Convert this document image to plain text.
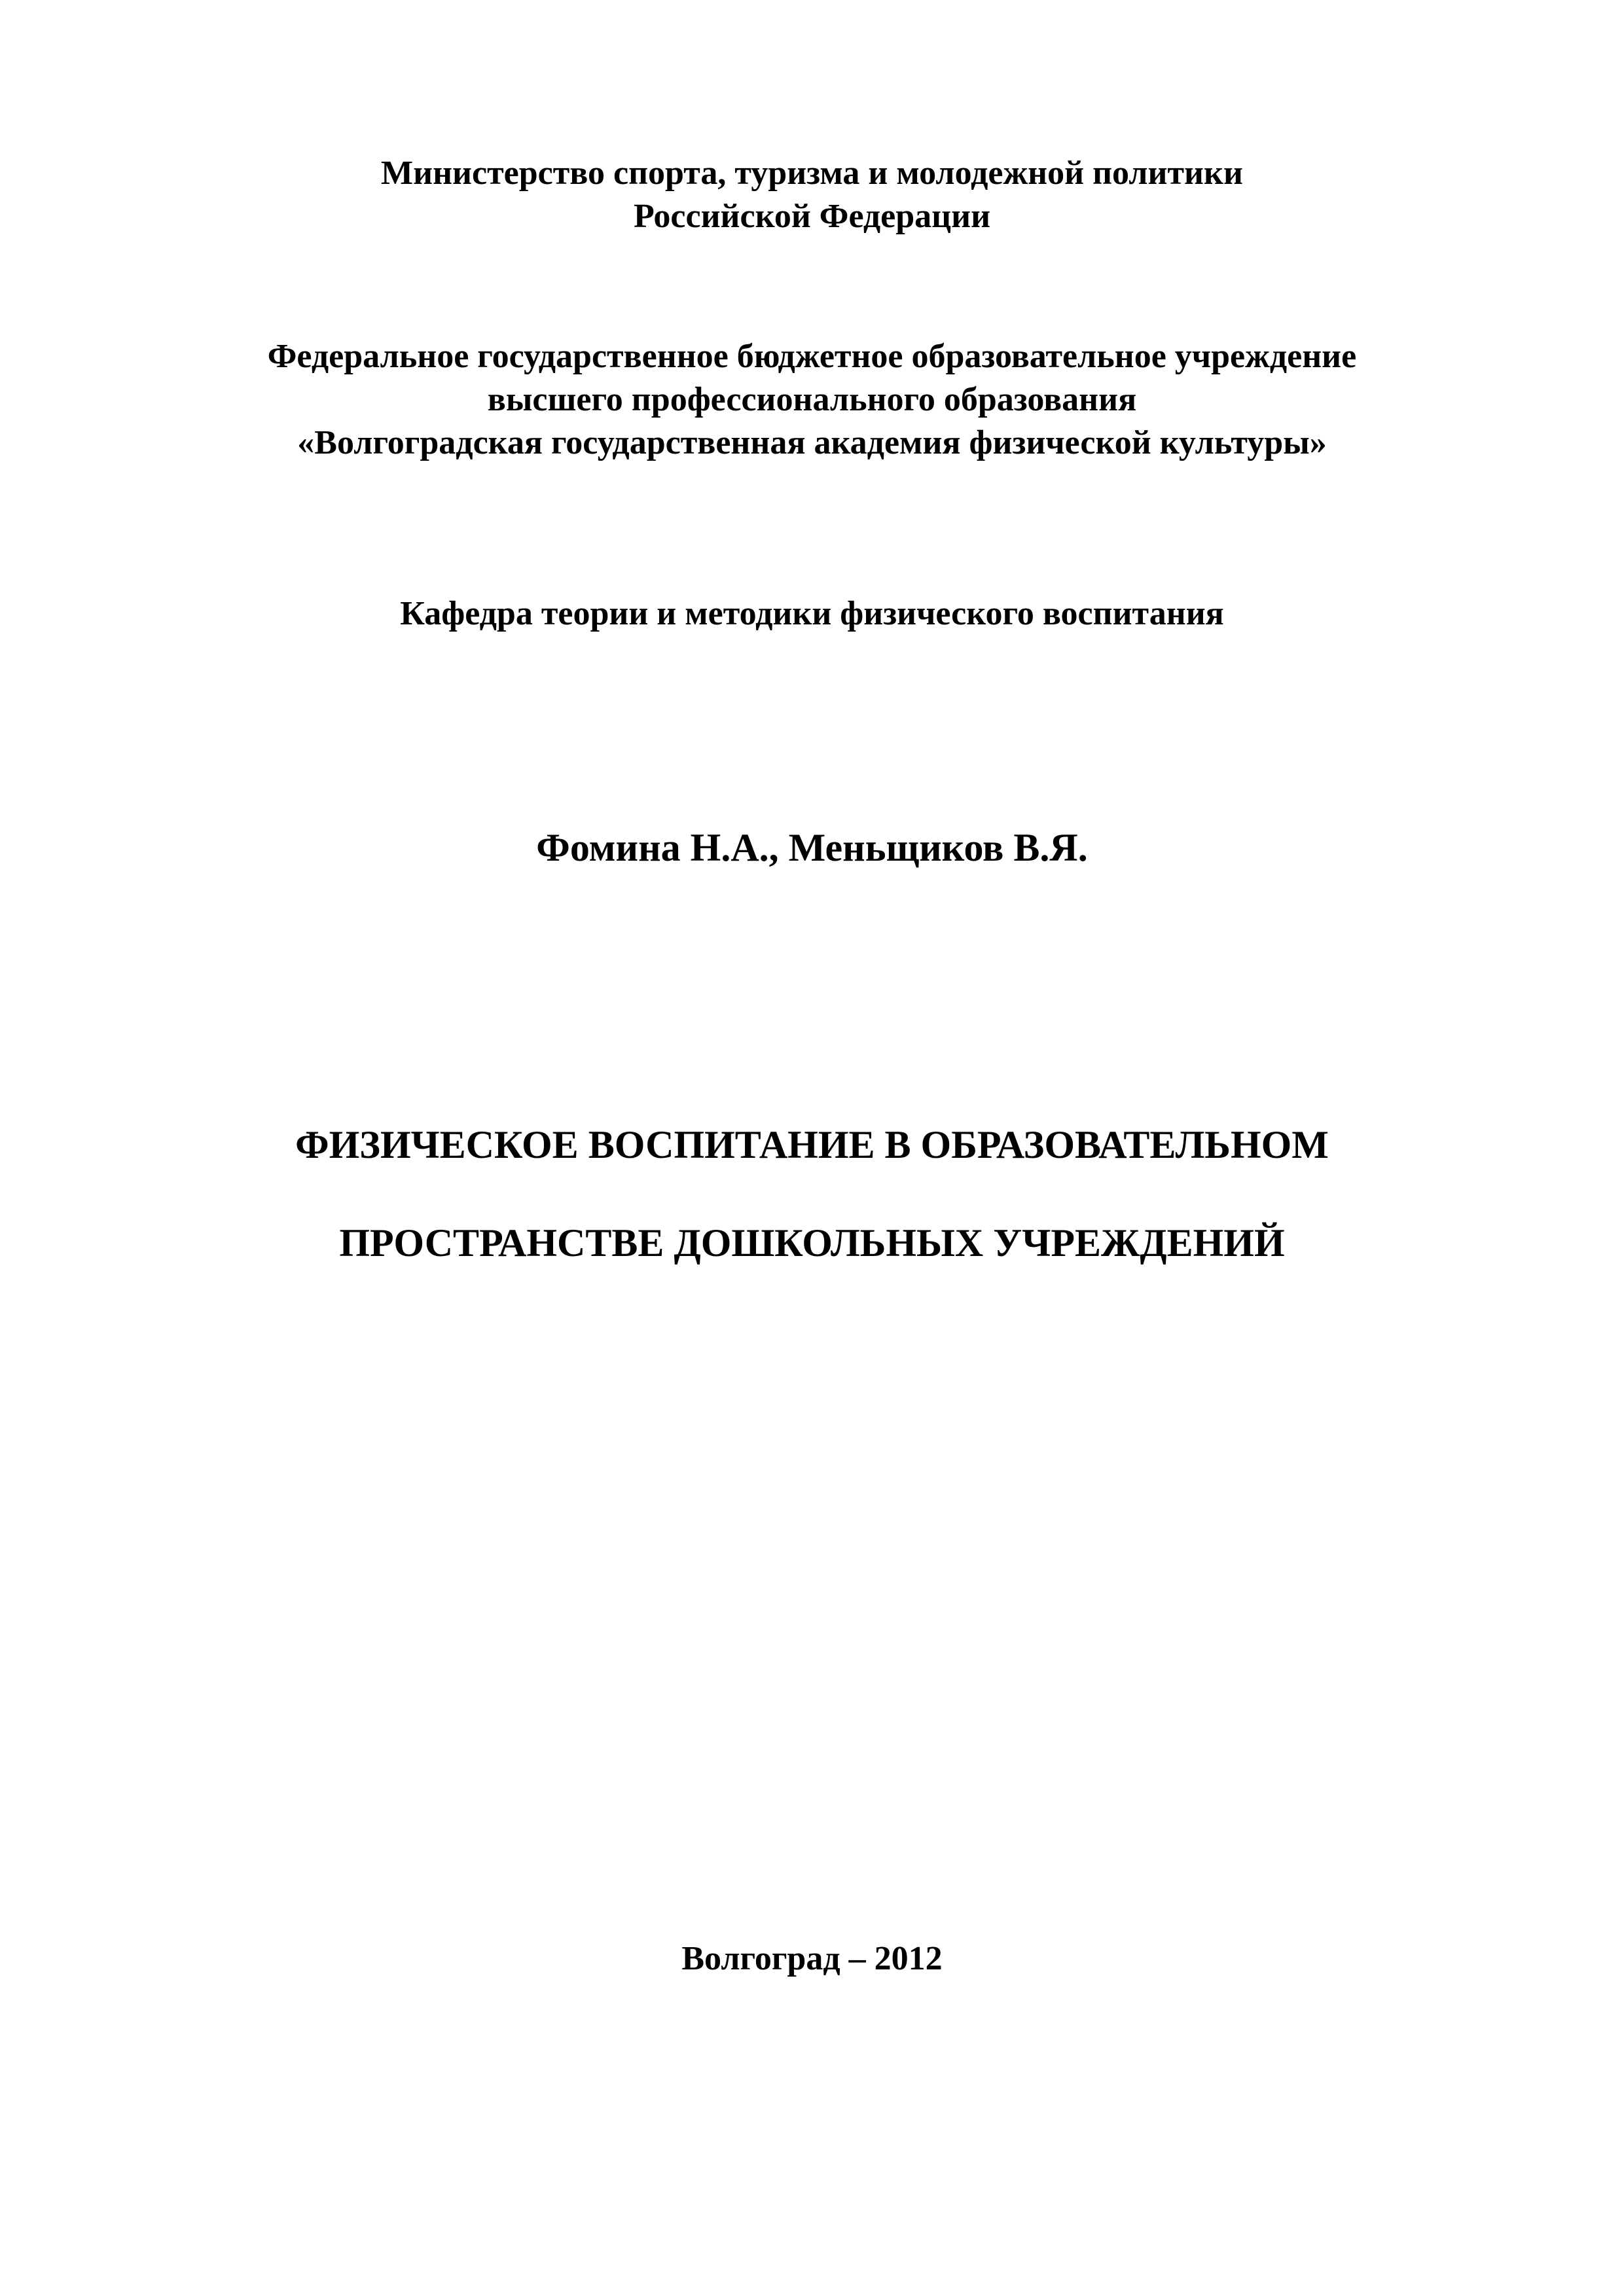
Министерство спорта, туризма и молодежной политики
Российской Федерации
Федеральное государственное бюджетное образовательное учреждение
высшего профессионального образования
«Волгоградская государственная академия физической культуры»
Кафедра теории и методики физического воспитания
Фомина Н.А., Меньщиков В.Я.
ФИЗИЧЕСКОЕ ВОСПИТАНИЕ В ОБРАЗОВАТЕЛЬНОМ
ПРОСТРАНСТВЕ ДОШКОЛЬНЫХ УЧРЕЖДЕНИЙ
Волгоград – 2012
